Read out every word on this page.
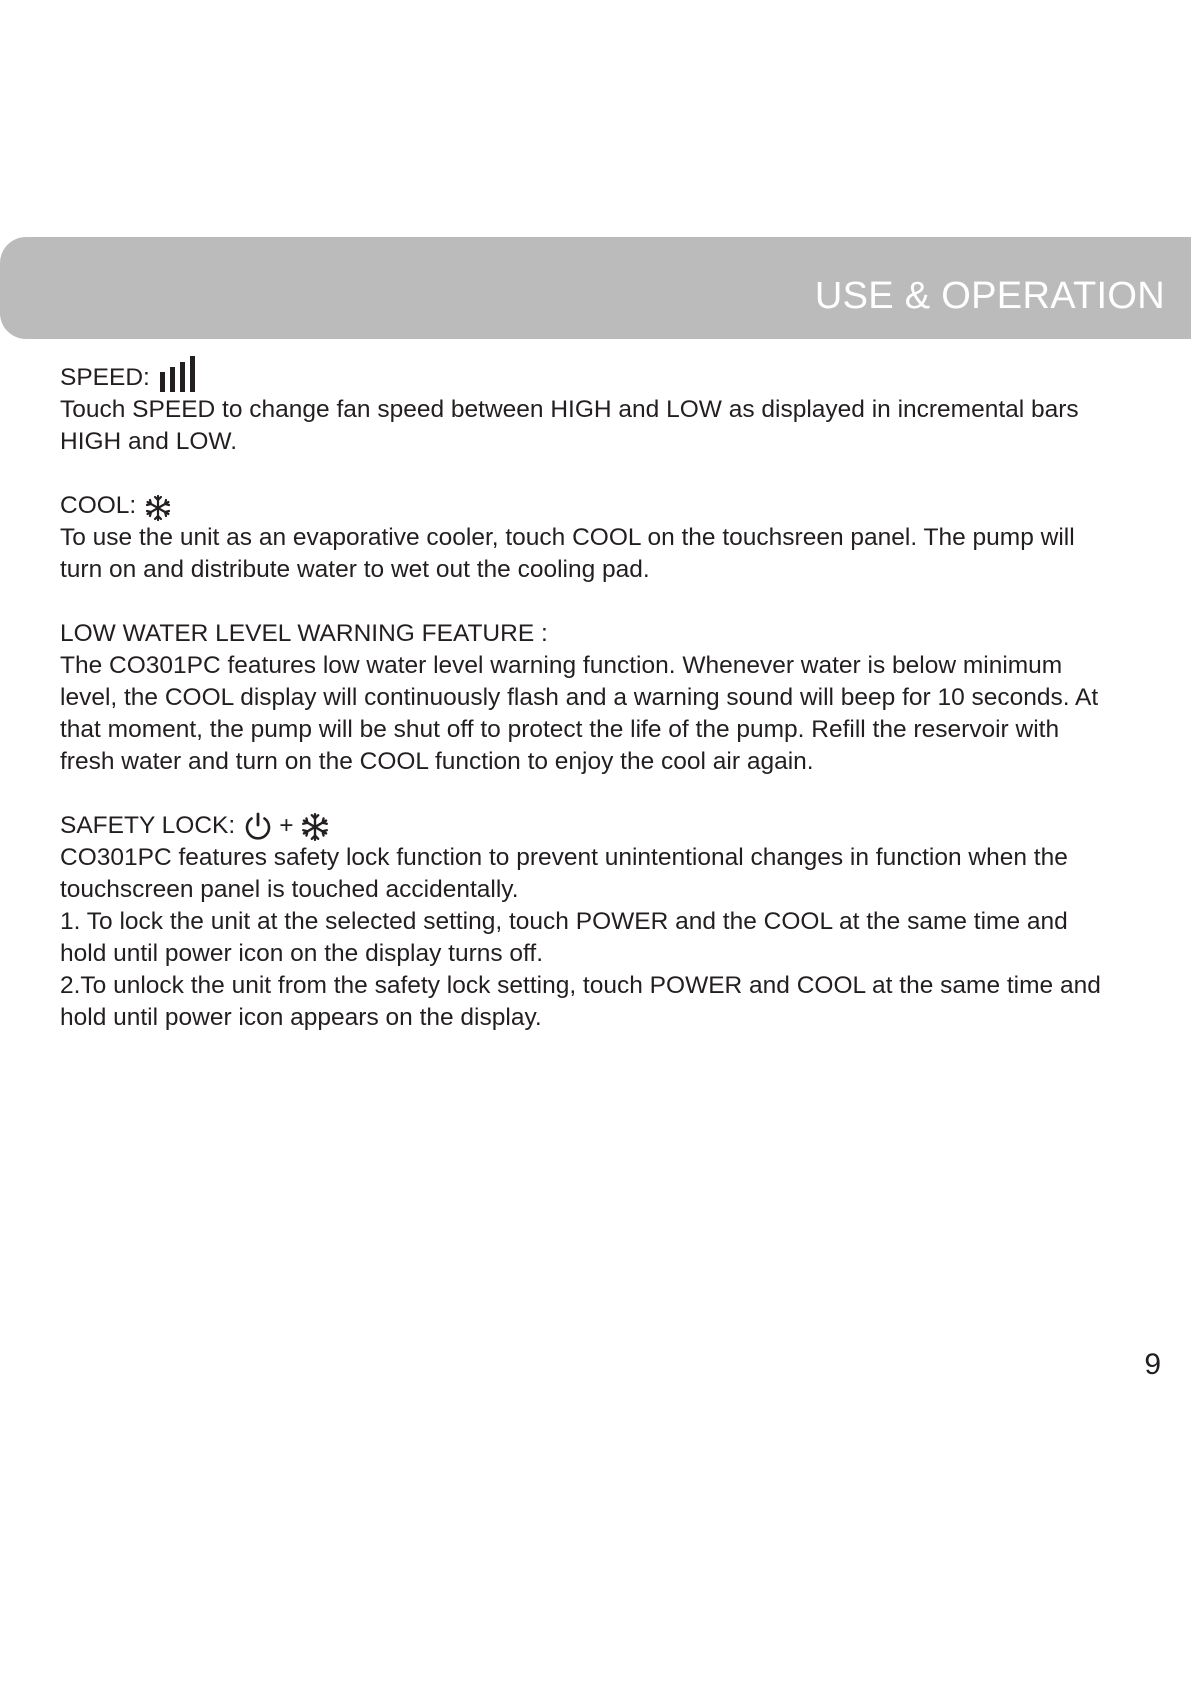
USE & OPERATION
SPEED:
Touch SPEED to change fan speed between HIGH and LOW as displayed in incremental bars
HIGH and LOW.
COOL:
To use the unit as an evaporative cooler, touch COOL on the touchsreen panel. The pump will
turn on and distribute water to wet out the cooling pad.
LOW WATER LEVEL WARNING FEATURE :
The CO301PC features low water level warning function. Whenever water is below minimum
level, the COOL display will continuously flash and a warning sound will beep for 10 seconds. At
that moment, the pump will be shut off to protect the life of the pump. Refill the reservoir with
fresh water and turn on the COOL function to enjoy the cool air again.
SAFETY LOCK: +
CO301PC features safety lock function to prevent unintentional changes in function when the
touchscreen panel is touched accidentally.
1. To lock the unit at the selected setting, touch POWER and the COOL at the same time and
hold until power icon on the display turns off.
2.To unlock the unit from the safety lock setting, touch POWER and COOL at the same time and
hold until power icon appears on the display.
9
